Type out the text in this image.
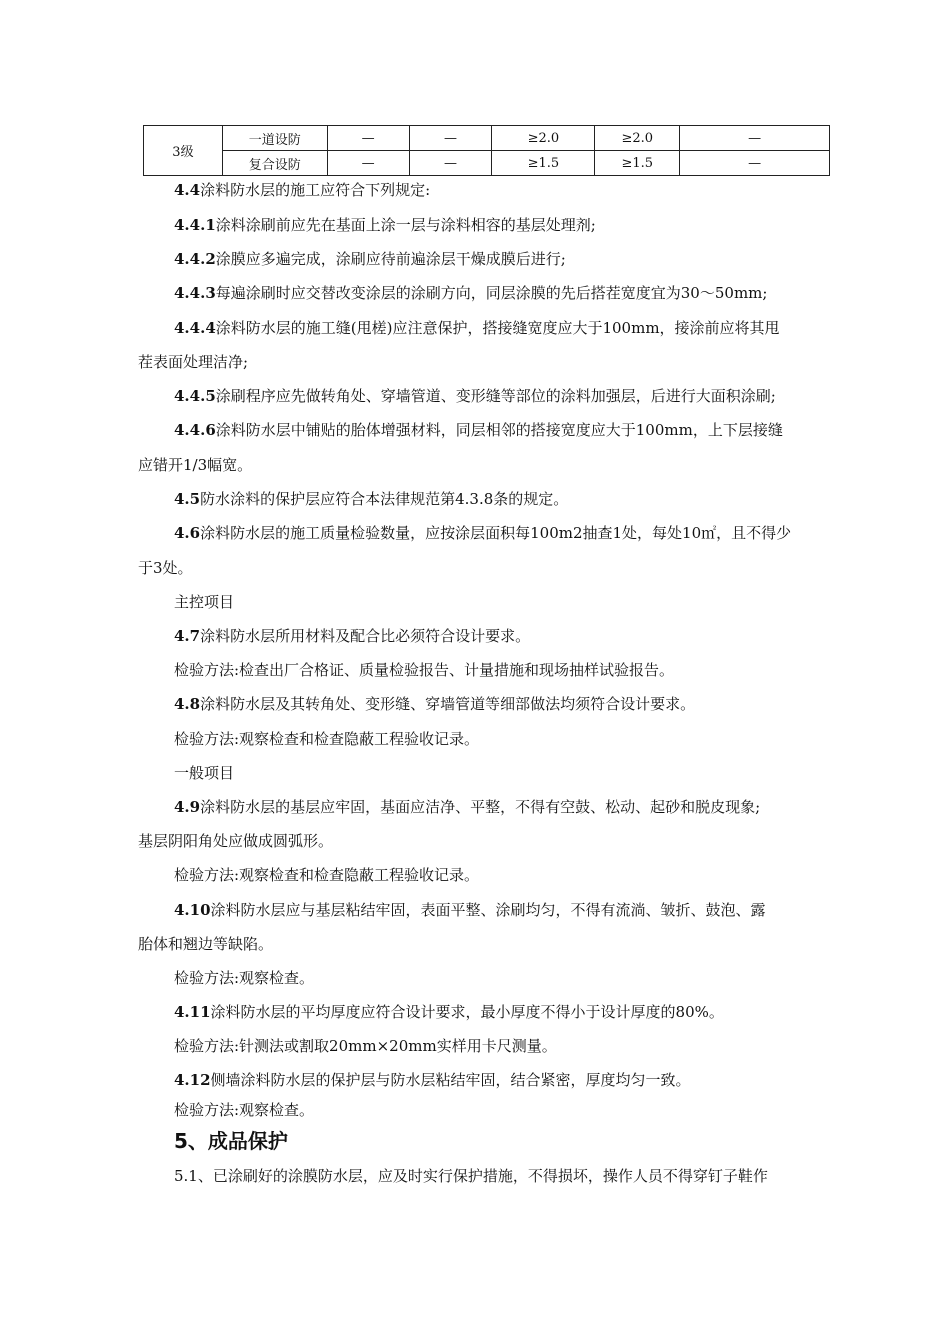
3级	一道设防	—	—	≥2.0	≥2.0	—
	复合设防	—	—	≥1.5	≥1.5	—
4.4涂料防水层的施工应符合下列规定:
4.4.1涂料涂刷前应先在基面上涂一层与涂料相容的基层处理剂;
4.4.2涂膜应多遍完成，涂刷应待前遍涂层干燥成膜后进行;
4.4.3每遍涂刷时应交替改变涂层的涂刷方向，同层涂膜的先后搭茬宽度宜为30～50mm;
4.4.4涂料防水层的施工缝(甩槎)应注意保护，搭接缝宽度应大于100mm，接涂前应将其甩
茬表面处理洁净;
4.4.5涂刷程序应先做转角处、穿墙管道、变形缝等部位的涂料加强层，后进行大面积涂刷;
4.4.6涂料防水层中铺贴的胎体增强材料，同层相邻的搭接宽度应大于100mm，上下层接缝
应错开1/3幅宽。
4.5防水涂料的保护层应符合本法律规范第4.3.8条的规定。
4.6涂料防水层的施工质量检验数量，应按涂层面积每100m2抽查1处，每处10㎡，且不得少
于3处。
主控项目
4.7涂料防水层所用材料及配合比必须符合设计要求。
检验方法:检查出厂合格证、质量检验报告、计量措施和现场抽样试验报告。
4.8涂料防水层及其转角处、变形缝、穿墙管道等细部做法均须符合设计要求。
检验方法:观察检查和检查隐蔽工程验收记录。
一般项目
4.9涂料防水层的基层应牢固，基面应洁净、平整，不得有空鼓、松动、起砂和脱皮现象;
基层阴阳角处应做成圆弧形。
检验方法:观察检查和检查隐蔽工程验收记录。
4.10涂料防水层应与基层粘结牢固，表面平整、涂刷均匀，不得有流淌、皱折、鼓泡、露
胎体和翘边等缺陷。
检验方法:观察检查。
4.11涂料防水层的平均厚度应符合设计要求，最小厚度不得小于设计厚度的80%。
检验方法:针测法或割取20mm×20mm实样用卡尺测量。
4.12侧墙涂料防水层的保护层与防水层粘结牢固，结合紧密，厚度均匀一致。
检验方法:观察检查。
5、成品保护
5.1、已涂刷好的涂膜防水层，应及时实行保护措施，不得损坏，操作人员不得穿钉子鞋作
